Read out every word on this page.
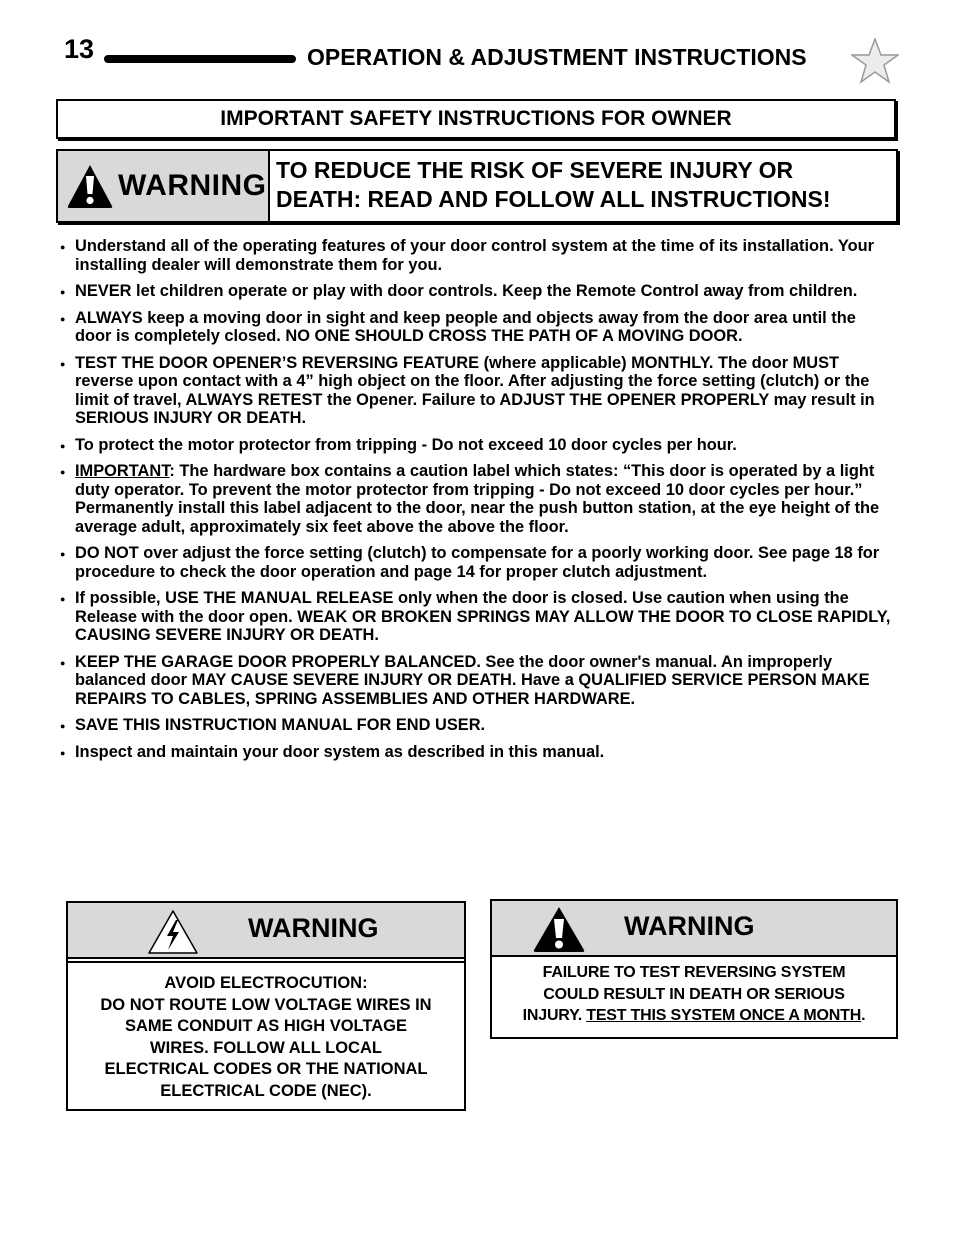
13	OPERATION & ADJUSTMENT INSTRUCTIONS
IMPORTANT SAFETY INSTRUCTIONS FOR OWNER
WARNING TO REDUCE THE RISK OF SEVERE INJURY OR
DEATH: READ AND FOLLOW ALL INSTRUCTIONS!
● Understand all of the operating features of your door control system at the time of its installation. Your installing dealer will demonstrate them for you.
● NEVER let children operate or play with door controls. Keep the Remote Control away from children.
● ALWAYS keep a moving door in sight and keep people and objects away from the door area until the door is completely closed. NO ONE SHOULD CROSS THE PATH OF A MOVING DOOR.
● TEST THE DOOR OPENER’S REVERSING FEATURE (where applicable) MONTHLY. The door MUST reverse upon contact with a 4” high object on the floor. After adjusting the force setting (clutch) or the limit of travel, ALWAYS RETEST the Opener. Failure to ADJUST THE OPENER PROPERLY may result in SERIOUS INJURY OR DEATH.
● To protect the motor protector from tripping - Do not exceed 10 door cycles per hour.
● IMPORTANT: The hardware box contains a caution label which states: “This door is operated by a light duty operator. To prevent the motor protector from tripping - Do not exceed 10 door cycles per hour.” Permanently install this label adjacent to the door, near the push button station, at the eye height of the average adult, approximately six feet above the above the floor.
● DO NOT over adjust the force setting (clutch) to compensate for a poorly working door. See page 18 for procedure to check the door operation and page 14 for proper clutch adjustment.
● If possible, USE THE MANUAL RELEASE only when the door is closed. Use caution when using the Release with the door open. WEAK OR BROKEN SPRINGS MAY ALLOW THE DOOR TO CLOSE RAPIDLY, CAUSING SEVERE INJURY OR DEATH.
● KEEP THE GARAGE DOOR PROPERLY BALANCED. See the door owner's manual. An improperly balanced door MAY CAUSE SEVERE INJURY OR DEATH. Have a QUALIFIED SERVICE PERSON MAKE REPAIRS TO CABLES, SPRING ASSEMBLIES AND OTHER HARDWARE.
● SAVE THIS INSTRUCTION MANUAL FOR END USER.
● Inspect and maintain your door system as described in this manual.
WARNING
AVOID ELECTROCUTION:
DO NOT ROUTE LOW VOLTAGE WIRES IN
SAME CONDUIT AS HIGH VOLTAGE
WIRES. FOLLOW ALL LOCAL
ELECTRICAL CODES OR THE NATIONAL
ELECTRICAL CODE (NEC).
WARNING
FAILURE TO TEST REVERSING SYSTEM
COULD RESULT IN DEATH OR SERIOUS
INJURY. TEST THIS SYSTEM ONCE A MONTH.
